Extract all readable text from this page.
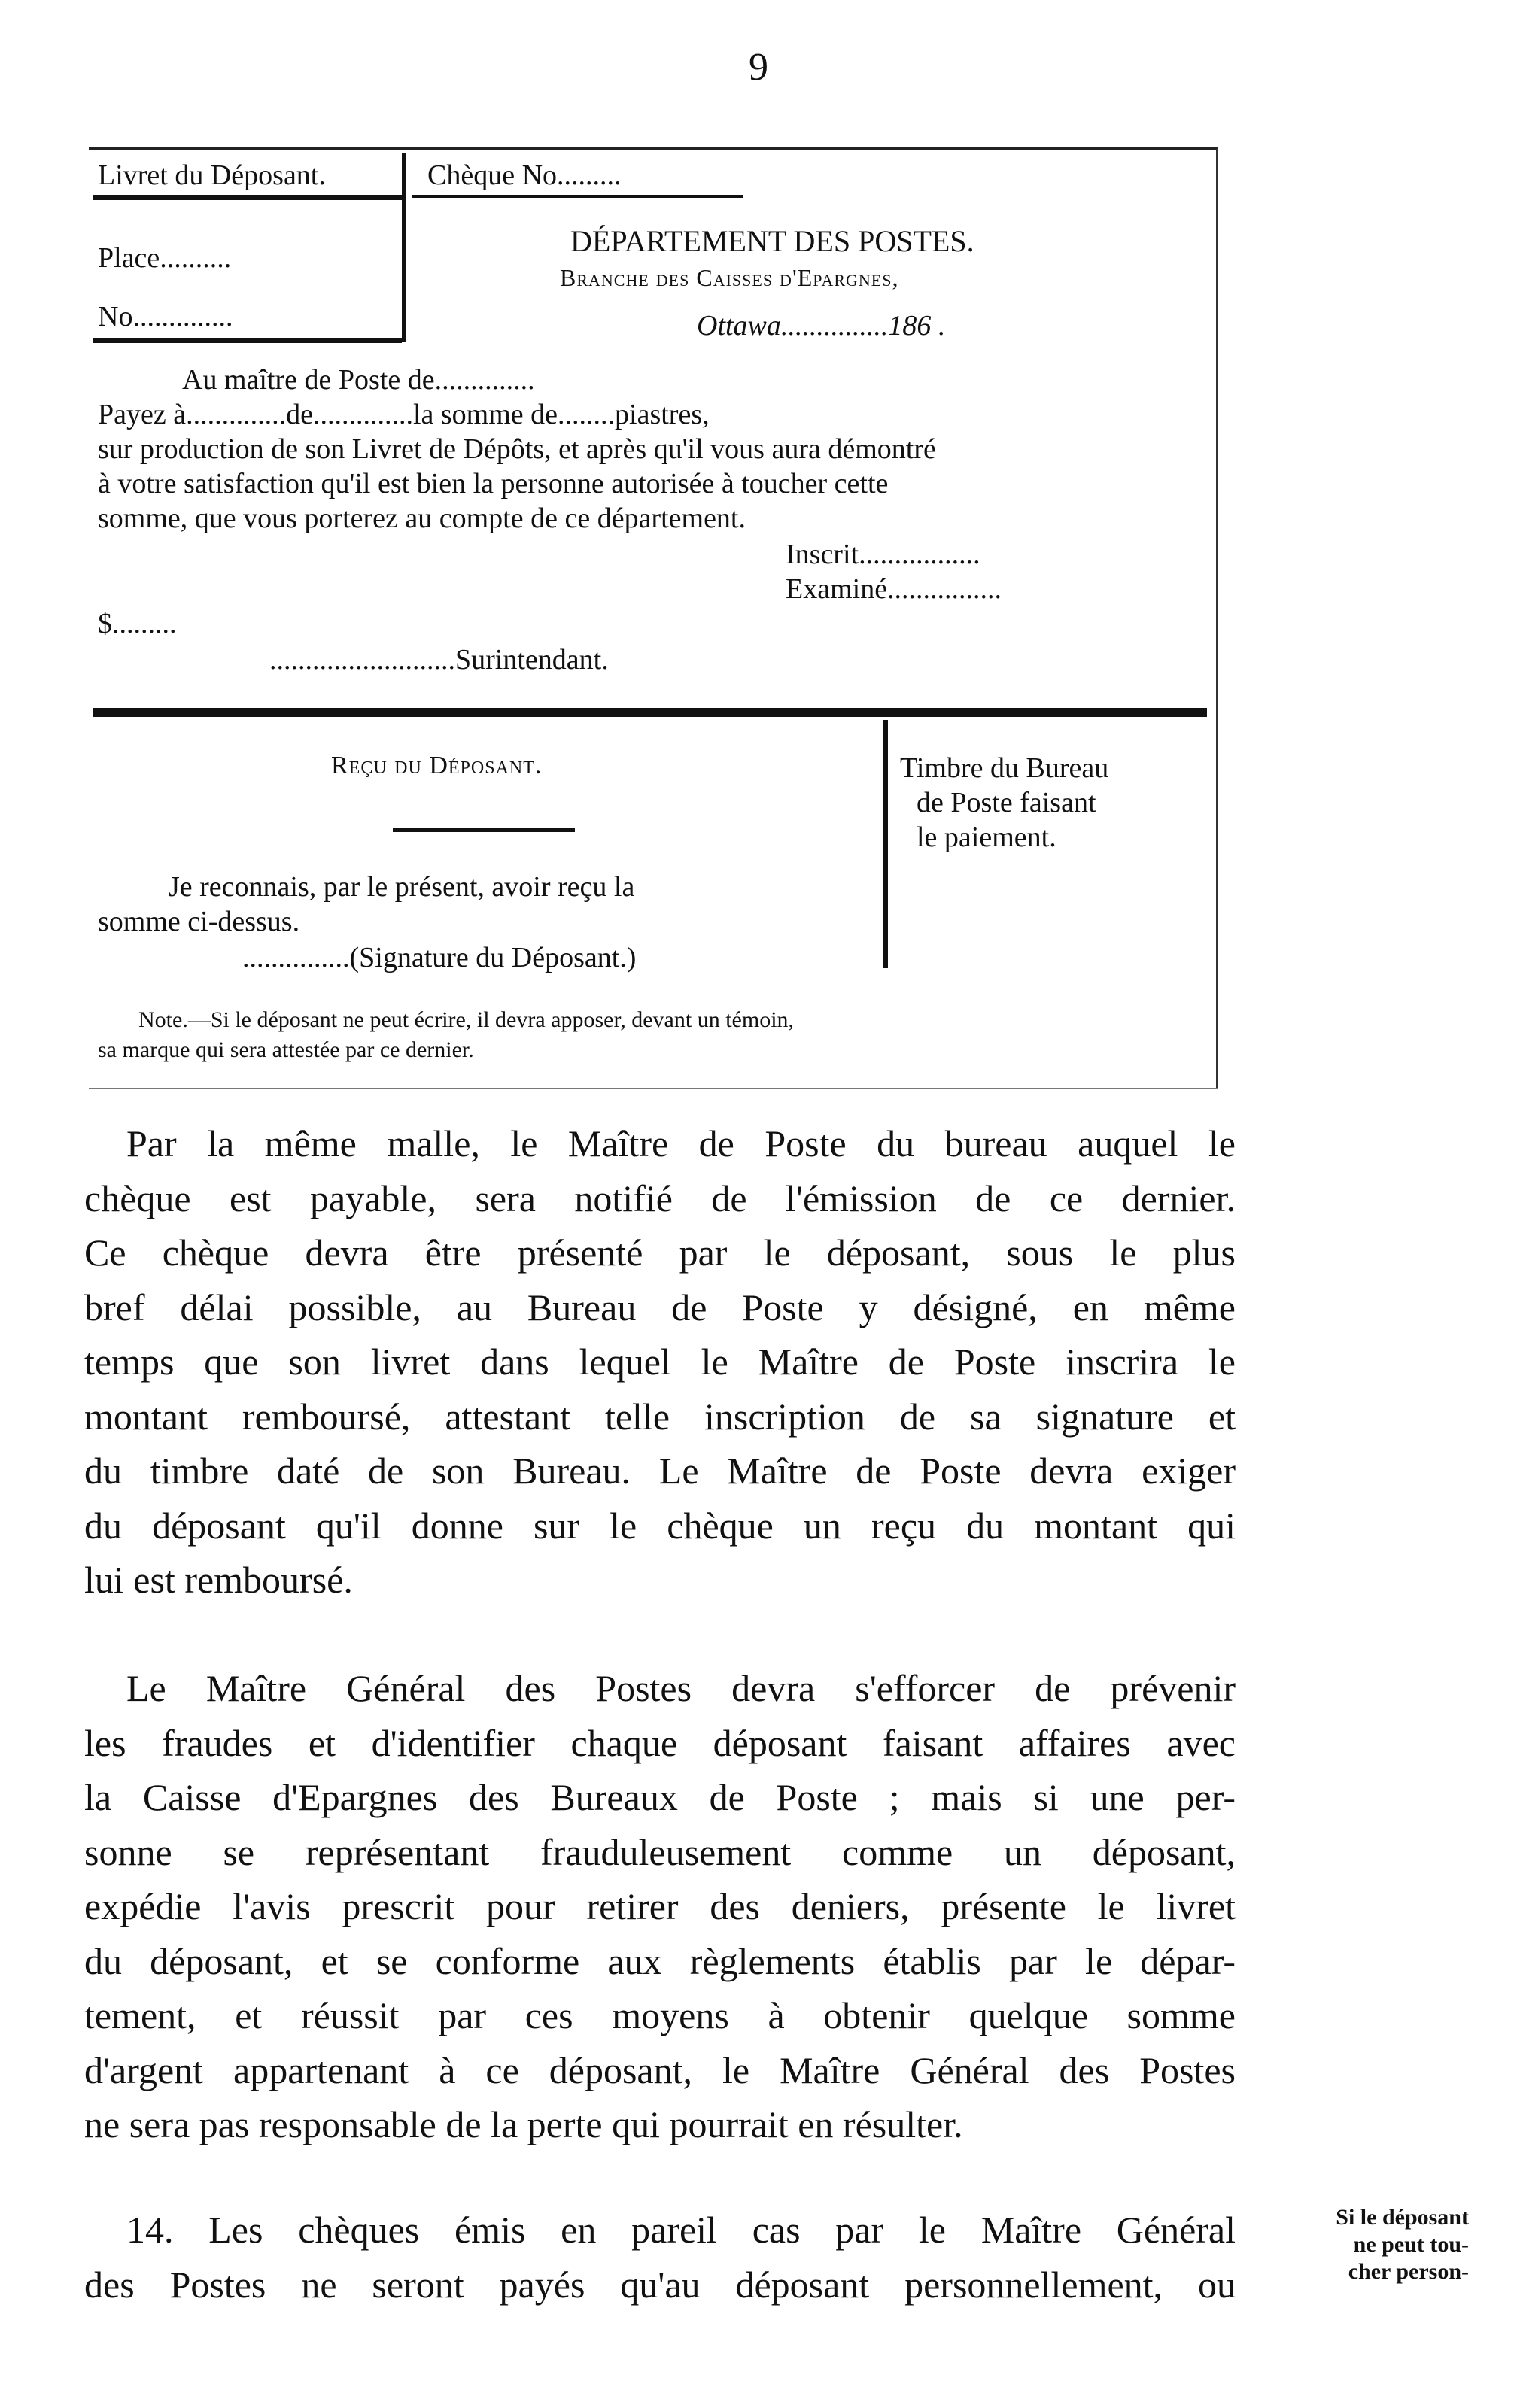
9
Livret du Déposant.
Place..........
No..............
Chèque No.........
DÉPARTEMENT DES POSTES.
Branche des Caisses d'Epargnes,
Ottawa...............186 .
Au maître de Poste de..............
Payez à..............de..............la somme de........piastres,
sur production de son Livret de Dépôts, et après qu'il vous aura démontré
à votre satisfaction qu'il est bien la personne autorisée à toucher cette
somme, que vous porterez au compte de ce département.
Inscrit.................
Examiné................
$.........
..........................Surintendant.
Reçu du Déposant.
Je reconnais, par le présent, avoir reçu la
somme ci-dessus.
...............(Signature du Déposant.)
Timbre du Bureau
de Poste faisant
le paiement.
Note.—Si le déposant ne peut écrire, il devra apposer, devant un témoin,
sa marque qui sera attestée par ce dernier.
Par la même malle, le Maître de Poste du bureau auquel le
chèque est payable, sera notifié de l'émission de ce dernier.
Ce chèque devra être présenté par le déposant, sous le plus
bref délai possible, au Bureau de Poste y désigné, en même
temps que son livret dans lequel le Maître de Poste inscrira le
montant remboursé, attestant telle inscription de sa signature et
du timbre daté de son Bureau. Le Maître de Poste devra exiger
du déposant qu'il donne sur le chèque un reçu du montant qui
lui est remboursé.
Le Maître Général des Postes devra s'efforcer de prévenir
les fraudes et d'identifier chaque déposant faisant affaires avec
la Caisse d'Epargnes des Bureaux de Poste ; mais si une per-
sonne se représentant frauduleusement comme un déposant,
expédie l'avis prescrit pour retirer des deniers, présente le livret
du déposant, et se conforme aux règlements établis par le dépar-
tement, et réussit par ces moyens à obtenir quelque somme
d'argent appartenant à ce déposant, le Maître Général des Postes
ne sera pas responsable de la perte qui pourrait en résulter.
14. Les chèques émis en pareil cas par le Maître Général
des Postes ne seront payés qu'au déposant personnellement, ou
Si le déposant
ne peut tou-
cher person-
